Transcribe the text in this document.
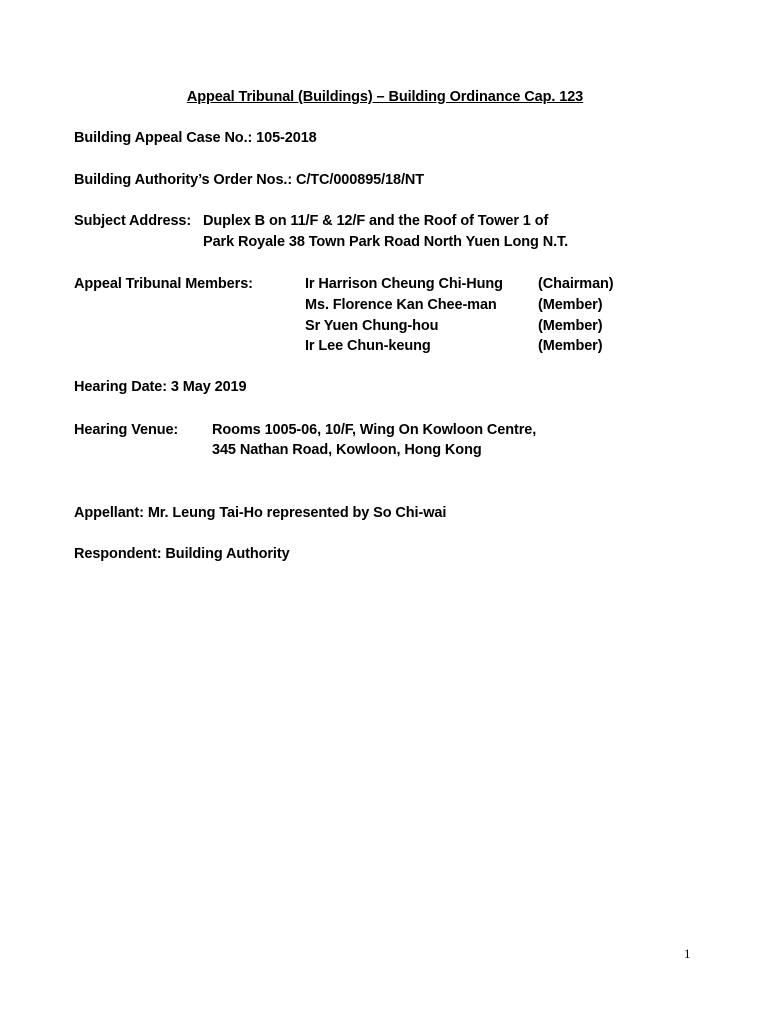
Appeal Tribunal (Buildings) – Building Ordinance Cap. 123
Building Appeal Case No.: 105-2018
Building Authority’s Order Nos.: C/TC/000895/18/NT
Subject Address: Duplex B on 11/F & 12/F and the Roof of Tower 1 of
Park Royale 38 Town Park Road North Yuen Long N.T.
Appeal Tribunal Members:	Ir Harrison Cheung Chi-Hung (Chairman)
Ms. Florence Kan Chee-man	(Member)
Sr Yuen Chung-hou	(Member)
Ir Lee Chun-keung	(Member)
Hearing Date: 3 May 2019
Hearing Venue: Rooms 1005-06, 10/F, Wing On Kowloon Centre,
345 Nathan Road, Kowloon, Hong Kong
Appellant: Mr. Leung Tai-Ho represented by So Chi-wai
Respondent: Building Authority
1
